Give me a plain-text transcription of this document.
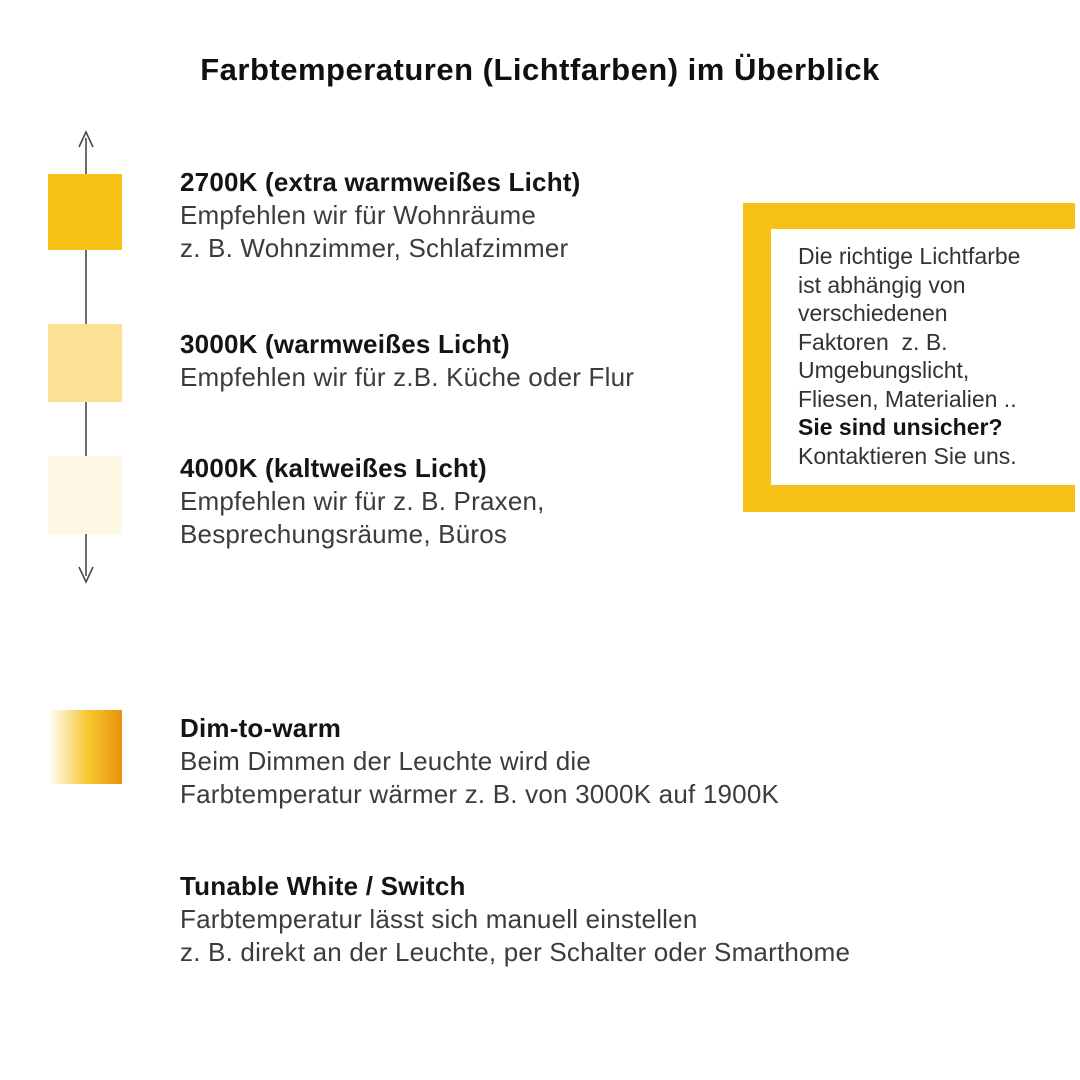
Farbtemperaturen (Lichtfarben) im Überblick
2700K (extra warmweißes Licht)
Empfehlen wir für Wohnräume
z. B. Wohnzimmer, Schlafzimmer
3000K (warmweißes Licht)
Empfehlen wir für z.B. Küche oder Flur
4000K (kaltweißes Licht)
Empfehlen wir für z. B. Praxen,
Besprechungsräume, Büros
Die richtige Lichtfarbe
ist abhängig von
verschiedenen
Faktoren  z. B.
Umgebungslicht,
Fliesen, Materialien ..
Sie sind unsicher?
Kontaktieren Sie uns.
Dim-to-warm
Beim Dimmen der Leuchte wird die
Farbtemperatur wärmer z. B. von 3000K auf 1900K
Tunable White / Switch
Farbtemperatur lässt sich manuell einstellen
z. B. direkt an der Leuchte, per Schalter oder Smarthome
